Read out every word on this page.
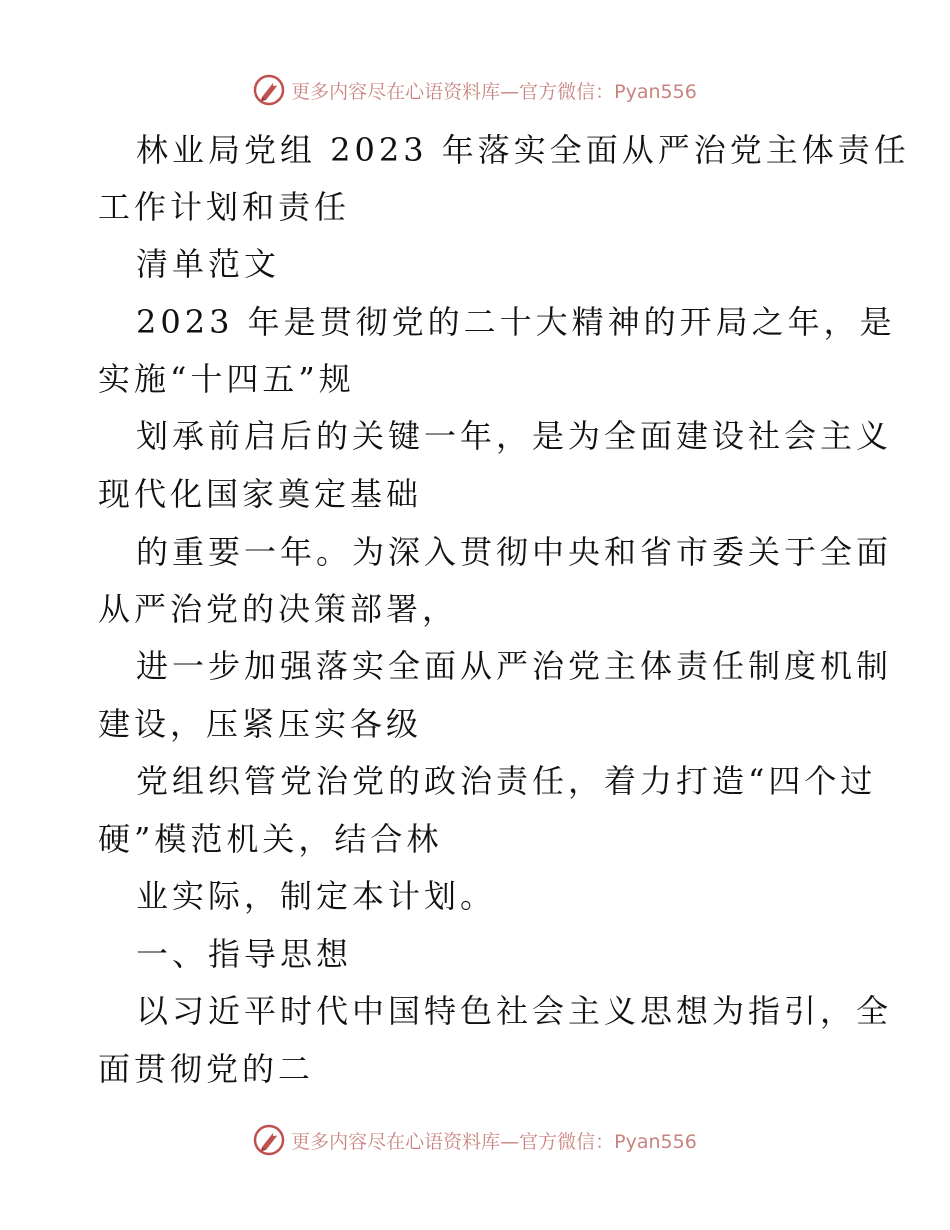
更多内容尽在心语资料库—官方微信：Pyan556
林业局党组 2023 年落实全面从严治党主体责任
工作计划和责任
清单范文
2023 年是贯彻党的二十大精神的开局之年，是
实施“十四五”规
划承前启后的关键一年，是为全面建设社会主义
现代化国家奠定基础
的重要一年。为深入贯彻中央和省市委关于全面
从严治党的决策部署，
进一步加强落实全面从严治党主体责任制度机制
建设，压紧压实各级
党组织管党治党的政治责任，着力打造“四个过
硬”模范机关，结合林
业实际，制定本计划。
一、指导思想
以习近平时代中国特色社会主义思想为指引，全
面贯彻党的二
更多内容尽在心语资料库—官方微信：Pyan556
